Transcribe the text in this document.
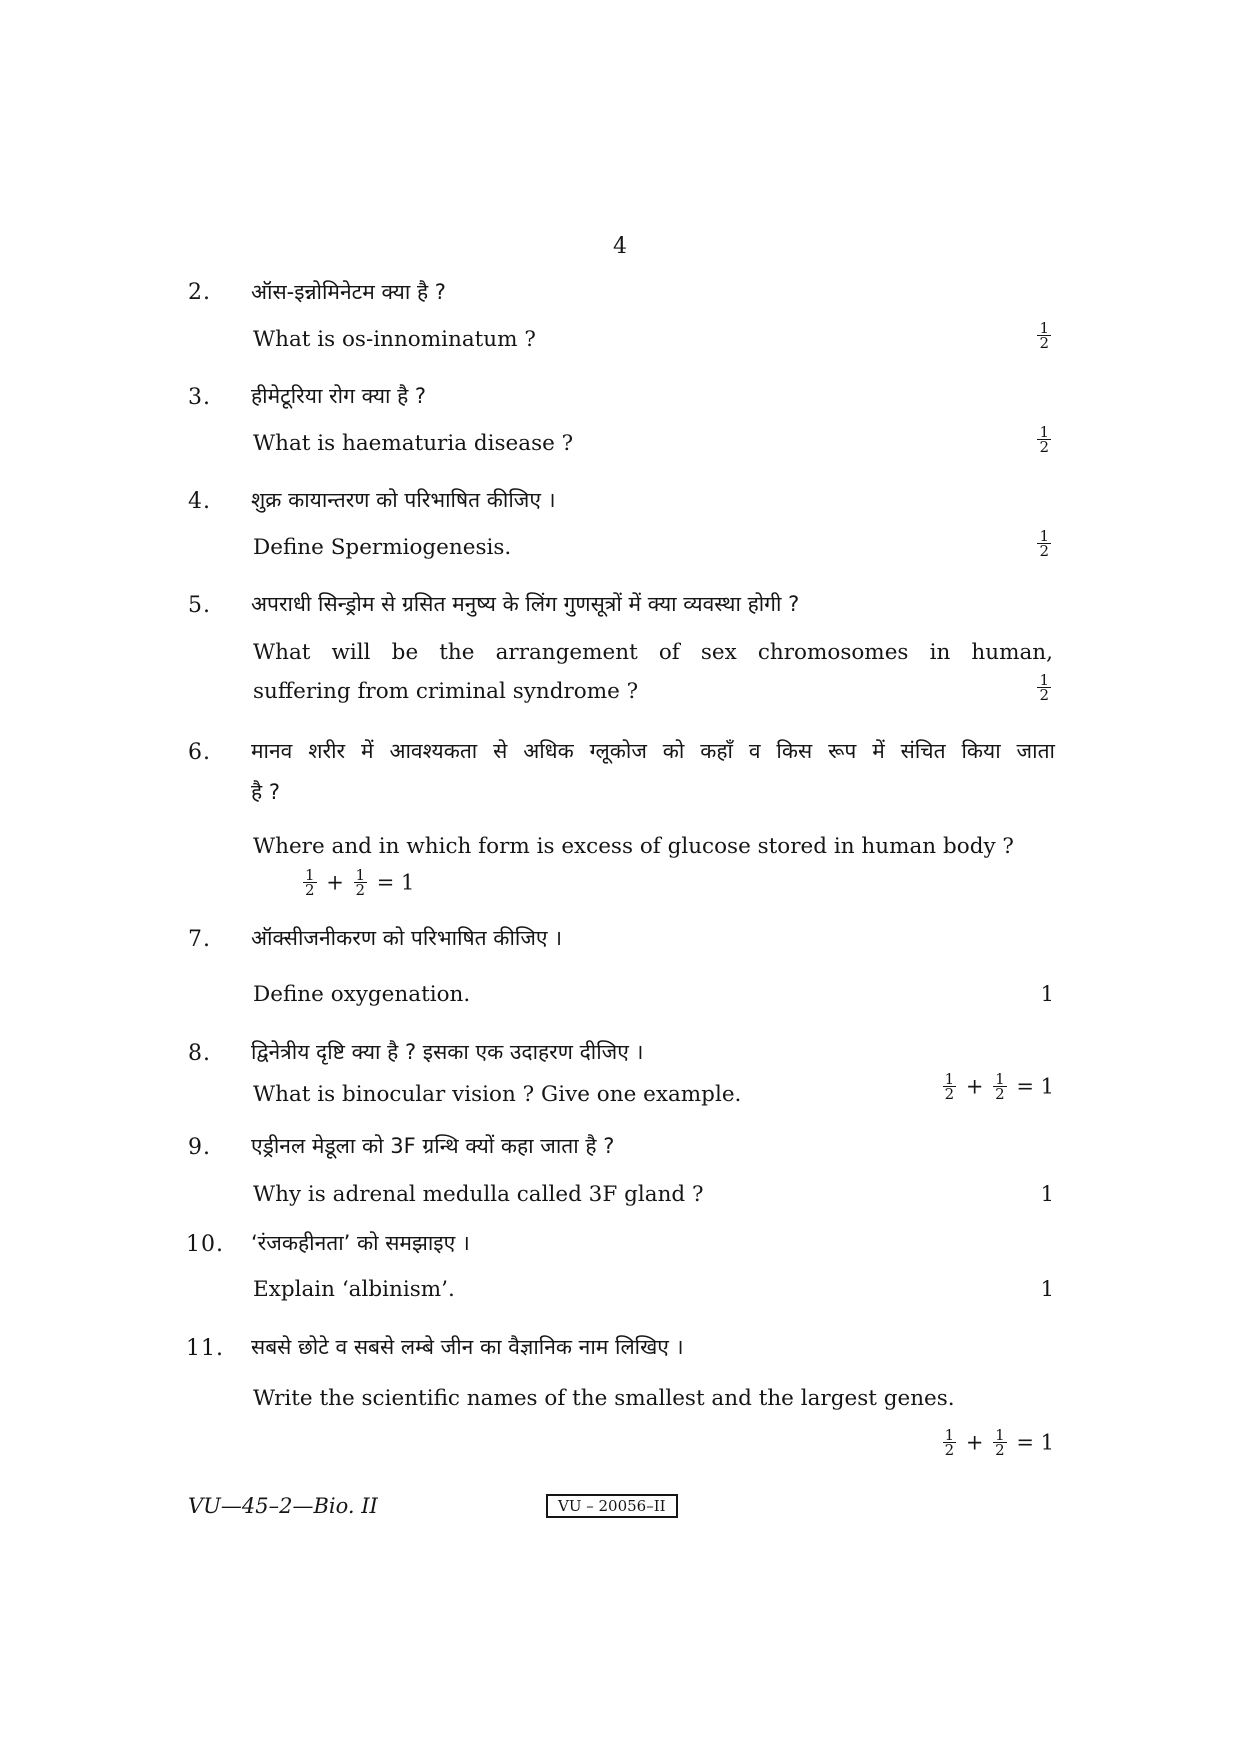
4
2. ऑस-इन्नोमिनेटम क्या है ?
What is os-innominatum ?	$\frac{1}{2}$
3. हीमेटूरिया रोग क्या है ?
What is haematuria disease ?	$\frac{1}{2}$
4. शुक्र कायान्तरण को परिभाषित कीजिए ।
Define Spermiogenesis.	$\frac{1}{2}$
5. अपराधी सिन्ड्रोम से ग्रसित मनुष्य के लिंग गुणसूत्रों में क्या व्यवस्था होगी ?
What will be the arrangement of sex chromosomes in human,
suffering from criminal syndrome ?	$\frac{1}{2}$
6. मानव शरीर में आवश्यकता से अधिक ग्लूकोज को कहाँ व किस रूप में संचित किया जाता
है ?
Where and in which form is excess of glucose stored in human body ?
$\frac{1}{2} + \frac{1}{2} = 1$
7. ऑक्सीजनीकरण को परिभाषित कीजिए ।
Define oxygenation.	1
8. द्विनेत्रीय दृष्टि क्या है ? इसका एक उदाहरण दीजिए ।
What is binocular vision ? Give one example.	$\frac{1}{2} + \frac{1}{2} = 1$
9. एड्रीनल मेडूला को 3F ग्रन्थि क्यों कहा जाता है ?
Why is adrenal medulla called 3F gland ?	1
10. ‘रंजकहीनता’ को समझाइए ।
Explain ‘albinism’.	1
11. सबसे छोटे व सबसे लम्बे जीन का वैज्ञानिक नाम लिखिए ।
Write the scientific names of the smallest and the largest genes.
$\frac{1}{2} + \frac{1}{2} = 1$
VU—45–2—Bio. II	VU – 20056–II
